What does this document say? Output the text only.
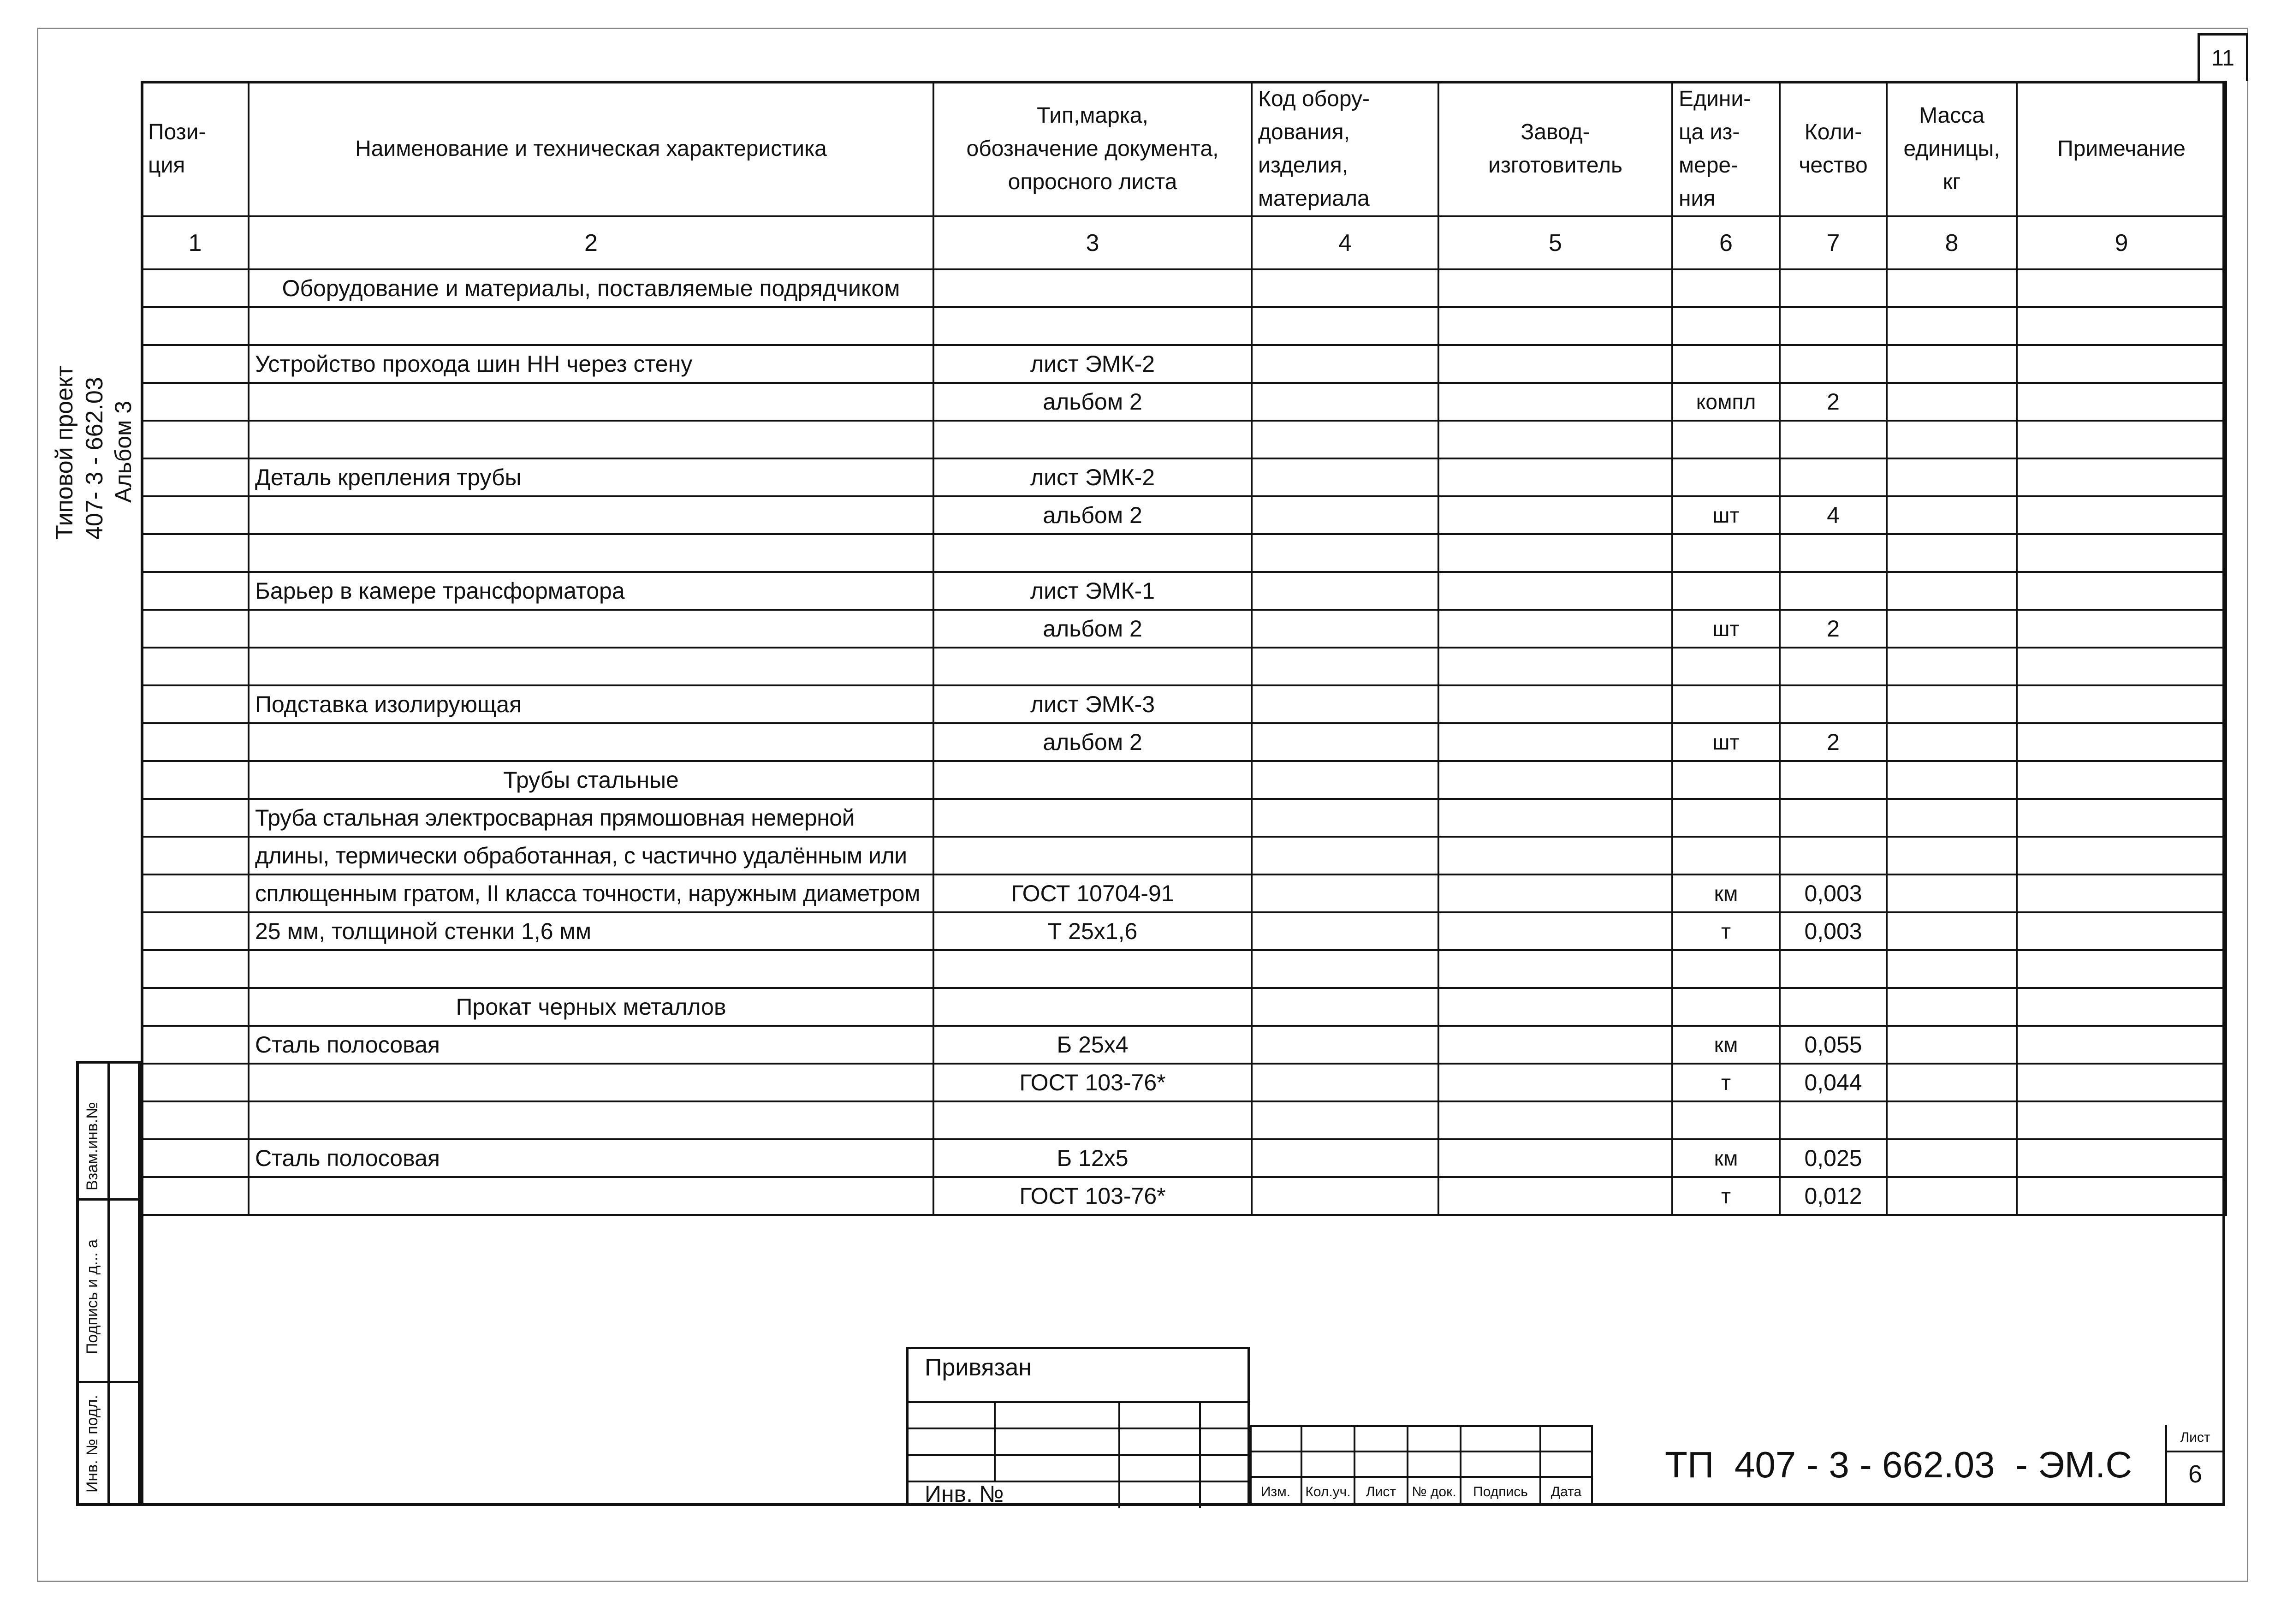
11
Типовой проект 407- 3 - 662.03 Альбом 3
Пози-
ция	Наименование и техническая характеристика	Тип,марка,
обозначение документа,
опросного листа	Код обору-
дования,
изделия,
материала	Завод-
изготовитель	Едини-
ца из-
мере-
ния	Коли-
чество	Масса
единицы,
кг	Примечание
1	2	3	4	5	6	7	8	9
	Оборудование и материалы, поставляемые подрядчиком							

	Устройство прохода шин НН через стену	лист ЭМК-2						
		альбом 2			компл	2		

	Деталь крепления трубы	лист ЭМК-2						
		альбом 2			шт	4		

	Барьер в камере трансформатора	лист ЭМК-1						
		альбом 2			шт	2		

	Подставка изолирующая	лист ЭМК-3						
		альбом 2			шт	2		
	Трубы стальные							
	Труба стальная электросварная прямошовная немерной							
	длины, термически обработанная, с частично удалённым или							
	сплющенным гратом, II класса точности, наружным диаметром	ГОСТ 10704-91			км	0,003		
	25 мм, толщиной стенки 1,6 мм	Т 25х1,6			т	0,003		

	Прокат черных металлов							
	Сталь полосовая	Б 25х4			км	0,055		
		ГОСТ 103-76*			т	0,044		

	Сталь полосовая	Б 12х5			км	0,025		
		ГОСТ 103-76*			т	0,012		
Взам.инв.№
Подпись и д... а
Инв. № подл.
Привязан
Инв. №	Изм.	Кол.уч.	Лист	№ док.	Подпись	Дата
ТП  407 - 3 - 662.03  - ЭМ.С
Лист
6
